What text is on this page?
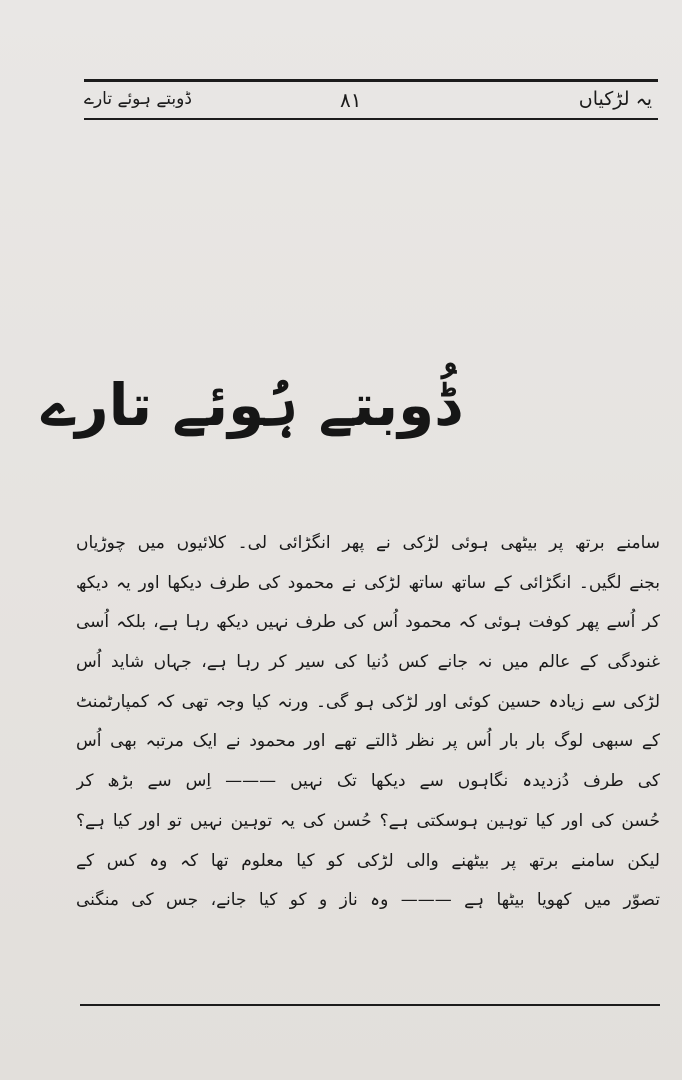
یہ لڑکیاں
۸۱
ڈوبتے ہوئے تارے
ڈُوبتے ہُوئے تارے
سامنے برتھ پر بیٹھی ہوئی لڑکی نے پھر انگڑائی لی۔ کلائیوں میں چوڑیاں
بجنے لگیں۔ انگڑائی کے ساتھ ساتھ لڑکی نے محمود کی طرف دیکھا اور یہ دیکھ
کر اُسے پھر کوفت ہوئی کہ محمود اُس کی طرف نہیں دیکھ رہا ہے، بلکہ اُسی
غنودگی کے عالم میں نہ جانے کس دُنیا کی سیر کر رہا ہے، جہاں شاید اُس
لڑکی سے زیادہ حسین کوئی اور لڑکی ہو گی۔ ورنہ کیا وجہ تھی کہ کمپارٹمنٹ
کے سبھی لوگ بار بار اُس پر نظر ڈالتے تھے اور محمود نے ایک مرتبہ بھی اُس
کی طرف دُزدیدہ نگاہوں سے دیکھا تک نہیں ——— اِس سے بڑھ کر
حُسن کی اور کیا توہین ہوسکتی ہے؟ حُسن کی یہ توہین نہیں تو اور کیا ہے؟
لیکن سامنے برتھ پر بیٹھنے والی لڑکی کو کیا معلوم تھا کہ وہ کس کے
تصوّر میں کھویا بیٹھا ہے ——— وہ ناز و کو کیا جانے، جس کی منگنی
